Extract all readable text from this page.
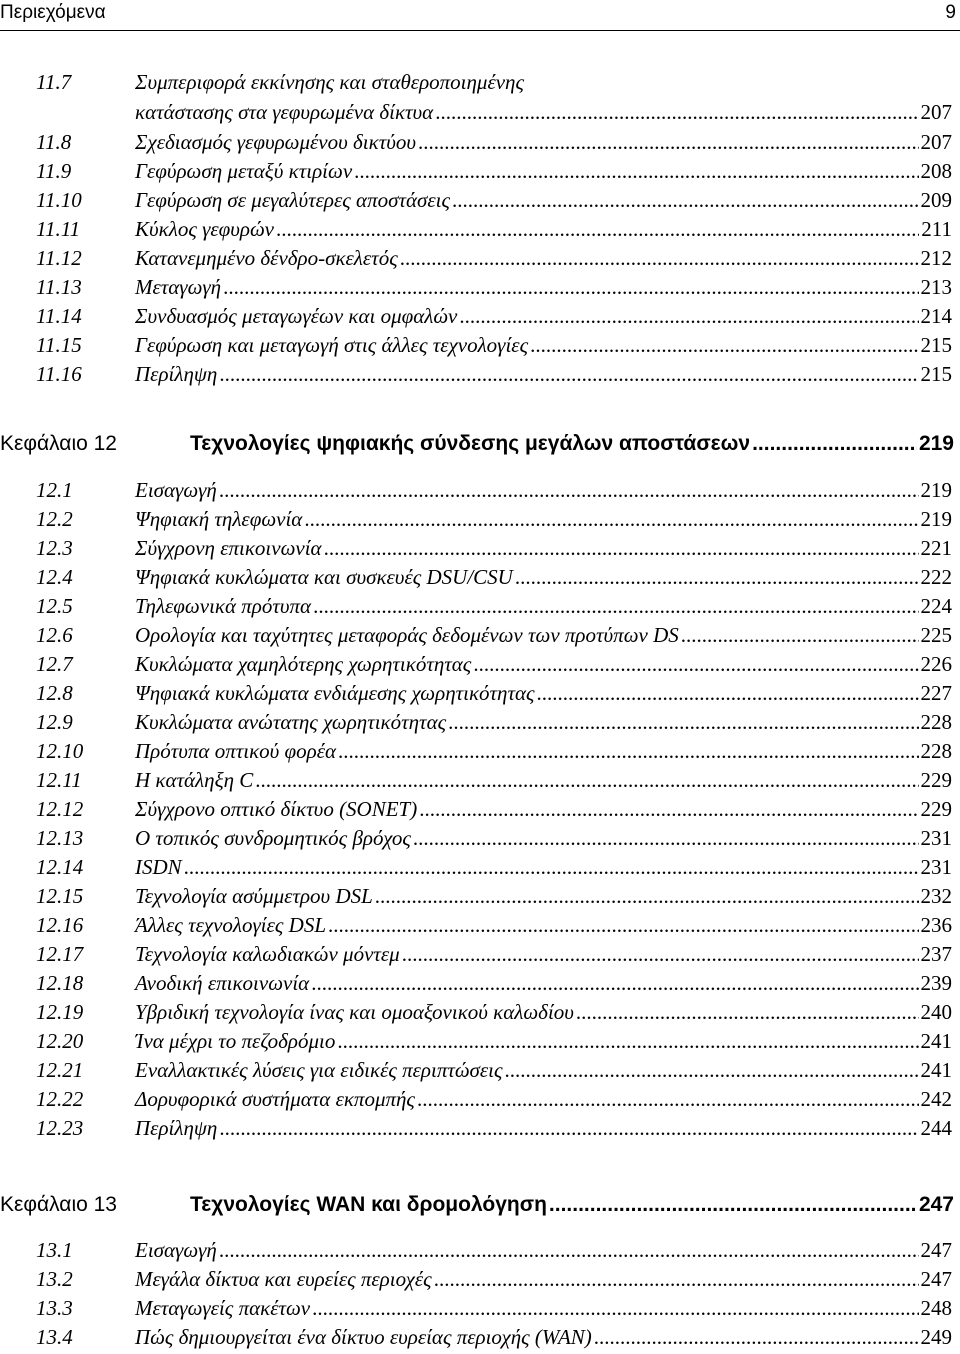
Περιεχόμενα	9
11.7	Συμπεριφορά εκκίνησης και σταθεροποιημένης
κατάστασης στα γεφυρωμένα δίκτυα .....	207
11.8	Σχεδιασμός γεφυρωμένου δικτύου .....	207
11.9	Γεφύρωση μεταξύ κτιρίων .....	208
11.10	Γεφύρωση σε μεγαλύτερες αποστάσεις .....	209
11.11	Κύκλος γεφυρών .....	211
11.12	Κατανεμημένο δένδρο-σκελετός .....	212
11.13	Μεταγωγή .....	213
11.14	Συνδυασμός μεταγωγέων και ομφαλών .....	214
11.15	Γεφύρωση και μεταγωγή στις άλλες τεχνολογίες .....	215
11.16	Περίληψη .....	215
Κεφάλαιο 12	Τεχνολογίες ψηφιακής σύνδεσης μεγάλων αποστάσεων .....	219
12.1	Εισαγωγή .....	219
12.2	Ψηφιακή τηλεφωνία .....	219
12.3	Σύγχρονη επικοινωνία .....	221
12.4	Ψηφιακά κυκλώματα και συσκευές DSU/CSU .....	222
12.5	Τηλεφωνικά πρότυπα .....	224
12.6	Ορολογία και ταχύτητες μεταφοράς δεδομένων των προτύπων DS .....	225
12.7	Κυκλώματα χαμηλότερης χωρητικότητας .....	226
12.8	Ψηφιακά κυκλώματα ενδιάμεσης χωρητικότητας .....	227
12.9	Κυκλώματα ανώτατης χωρητικότητας .....	228
12.10 Πρότυπα οπτικού φορέα .....	228
12.11	Η κατάληξη C .....	229
12.12 Σύγχρονο οπτικό δίκτυο (SONET) .....	229
12.13 Ο τοπικός συνδρομητικός βρόχος .....	231
12.14 ISDN .....	231
12.15 Τεχνολογία ασύμμετρου DSL .....	232
12.16 Άλλες τεχνολογίες DSL .....	236
12.17 Τεχνολογία καλωδιακών μόντεμ .....	237
12.18 Ανοδική επικοινωνία .....	239
12.19 Υβριδική τεχνολογία ίνας και ομοαξονικού καλωδίου .....	240
12.20 Ίνα μέχρι το πεζοδρόμιο .....	241
12.21 Εναλλακτικές λύσεις για ειδικές περιπτώσεις .....	241
12.22 Δορυφορικά συστήματα εκπομπής .....	242
12.23 Περίληψη .....	244
Κεφάλαιο 13	Τεχνολογίες WAN και δρομολόγηση .....	247
13.1	Εισαγωγή .....	247
13.2	Μεγάλα δίκτυα και ευρείες περιοχές .....	247
13.3	Μεταγωγείς πακέτων .....	248
13.4	Πώς δημιουργείται ένα δίκτυο ευρείας περιοχής (WAN) .....	249
